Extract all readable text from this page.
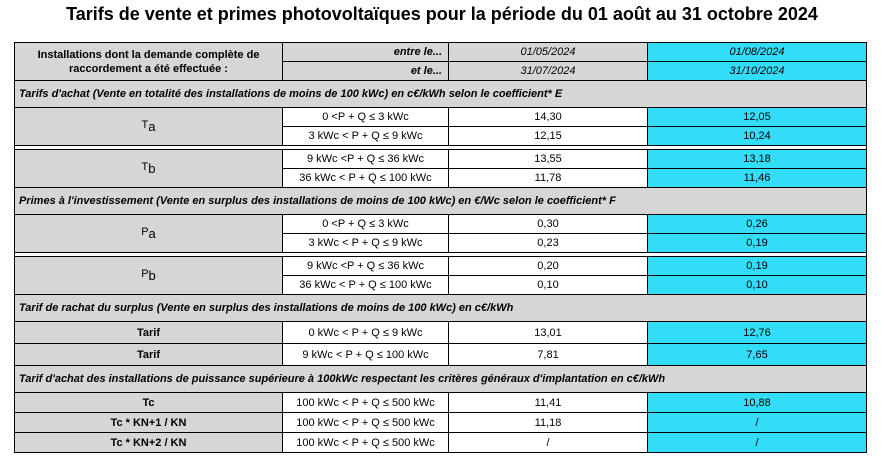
Tarifs de vente et primes photovoltaïques pour la période du 01 août au 31 octobre 2024
Installations dont la demande complète de raccordement a été effectuée :	entre le...	01/05/2024	01/08/2024
	et le...	31/07/2024	31/10/2024
Tarifs d'achat (Vente en totalité des installations de moins de 100 kWc) en c€/kWh selon le coefficient* E			
$T_a$	0 <P + Q ≤ 3 kWc	14,30	12,05
	3 kWc < P + Q ≤ 9 kWc	12,15	10,24

$T_b$	9 kWc <P + Q ≤ 36 kWc	13,55	13,18
	36 kWc < P + Q ≤ 100 kWc	11,78	11,46
Primes à l'investissement (Vente en surplus des installations de moins de 100 kWc) en €/Wc selon le coefficient* F			
$P_a$	0 <P + Q ≤ 3 kWc	0,30	0,26
	3 kWc < P + Q ≤ 9 kWc	0,23	0,19

$P_b$	9 kWc <P + Q ≤ 36 kWc	0,20	0,19
	36 kWc < P + Q ≤ 100 kWc	0,10	0,10
Tarif de rachat du surplus (Vente en surplus des installations de moins de 100 kWc) en c€/kWh			
Tarif	0 kWc < P + Q ≤ 9 kWc	13,01	12,76
Tarif	9 kWc < P + Q ≤ 100 kWc	7,81	7,65
Tarif d'achat des installations de puissance supérieure à 100kWc respectant les critères généraux d'implantation en c€/kWh			
Tc	100 kWc < P + Q ≤ 500 kWc	11,41	10,88
Tc * KN+1 / KN	100 kWc < P + Q ≤ 500 kWc	11,18	/
Tc * KN+2 / KN	100 kWc < P + Q ≤ 500 kWc	/	/
